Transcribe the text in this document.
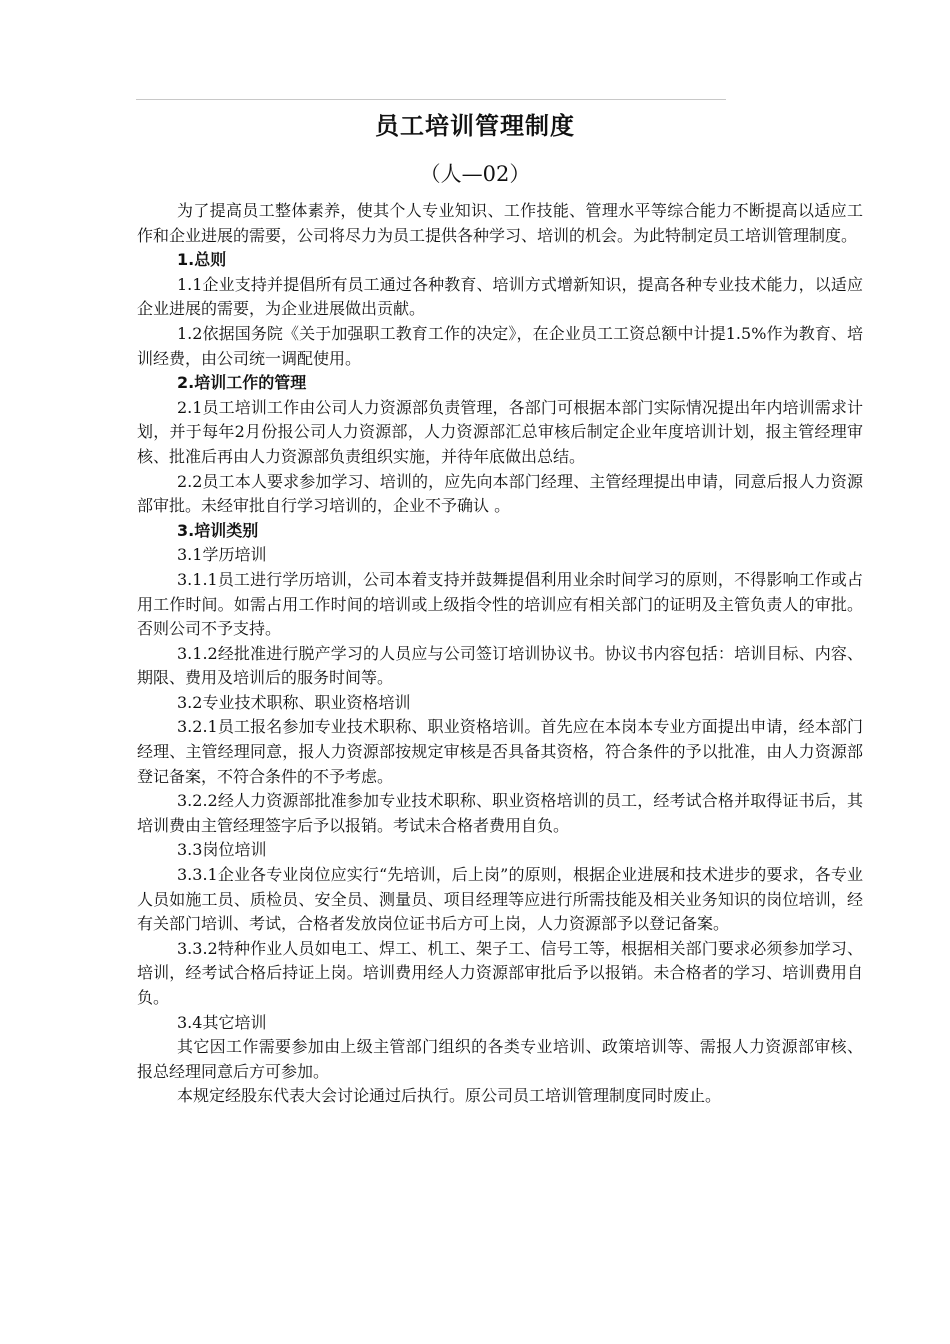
员工培训管理制度
（人—02）

为了提高员工整体素养，使其个人专业知识、工作技能、管理水平等综合能力不断提高以适应工作和企业进展的需要，公司将尽力为员工提供各种学习、培训的机会。为此特制定员工培训管理制度。

1.总则

1.1企业支持并提倡所有员工通过各种教育、培训方式增新知识，提高各种专业技术能力，以适应企业进展的需要，为企业进展做出贡献。

1.2依据国务院《关于加强职工教育工作的决定》，在企业员工工资总额中计提1.5%作为教育、培训经费，由公司统一调配使用。

2.培训工作的管理

2.1员工培训工作由公司人力资源部负责管理，各部门可根据本部门实际情况提出年内培训需求计划，并于每年2月份报公司人力资源部，人力资源部汇总审核后制定企业年度培训计划，报主管经理审核、批准后再由人力资源部负责组织实施，并待年底做出总结。

2.2员工本人要求参加学习、培训的，应先向本部门经理、主管经理提出申请，同意后报人力资源部审批。未经审批自行学习培训的，企业不予确认 。

3.培训类别

3.1学历培训

3.1.1员工进行学历培训，公司本着支持并鼓舞提倡利用业余时间学习的原则，不得影响工作或占用工作时间。如需占用工作时间的培训或上级指令性的培训应有相关部门的证明及主管负责人的审批。 否则公司不予支持。

3.1.2经批准进行脱产学习的人员应与公司签订培训协议书。协议书内容包括：培训目标、内容、期限、费用及培训后的服务时间等。

3.2专业技术职称、职业资格培训

3.2.1员工报名参加专业技术职称、职业资格培训。首先应在本岗本专业方面提出申请，经本部门经理、主管经理同意，报人力资源部按规定审核是否具备其资格，符合条件的予以批准，由人力资源部登记备案，不符合条件的不予考虑。

3.2.2经人力资源部批准参加专业技术职称、职业资格培训的员工，经考试合格并取得证书后，其培训费由主管经理签字后予以报销。考试未合格者费用自负。

3.3岗位培训

3.3.1企业各专业岗位应实行“先培训，后上岗”的原则，根据企业进展和技术进步的要求，各专业人员如施工员、质检员、安全员、测量员、项目经理等应进行所需技能及相关业务知识的岗位培训，经有关部门培训、考试，合格者发放岗位证书后方可上岗，人力资源部予以登记备案。

3.3.2特种作业人员如电工、焊工、机工、架子工、信号工等，根据相关部门要求必须参加学习、培训，经考试合格后持证上岗。培训费用经人力资源部审批后予以报销。未合格者的学习、培训费用自负。

3.4其它培训

其它因工作需要参加由上级主管部门组织的各类专业培训、政策培训等、需报人力资源部审核、报总经理同意后方可参加。

本规定经股东代表大会讨论通过后执行。原公司员工培训管理制度同时废止。
